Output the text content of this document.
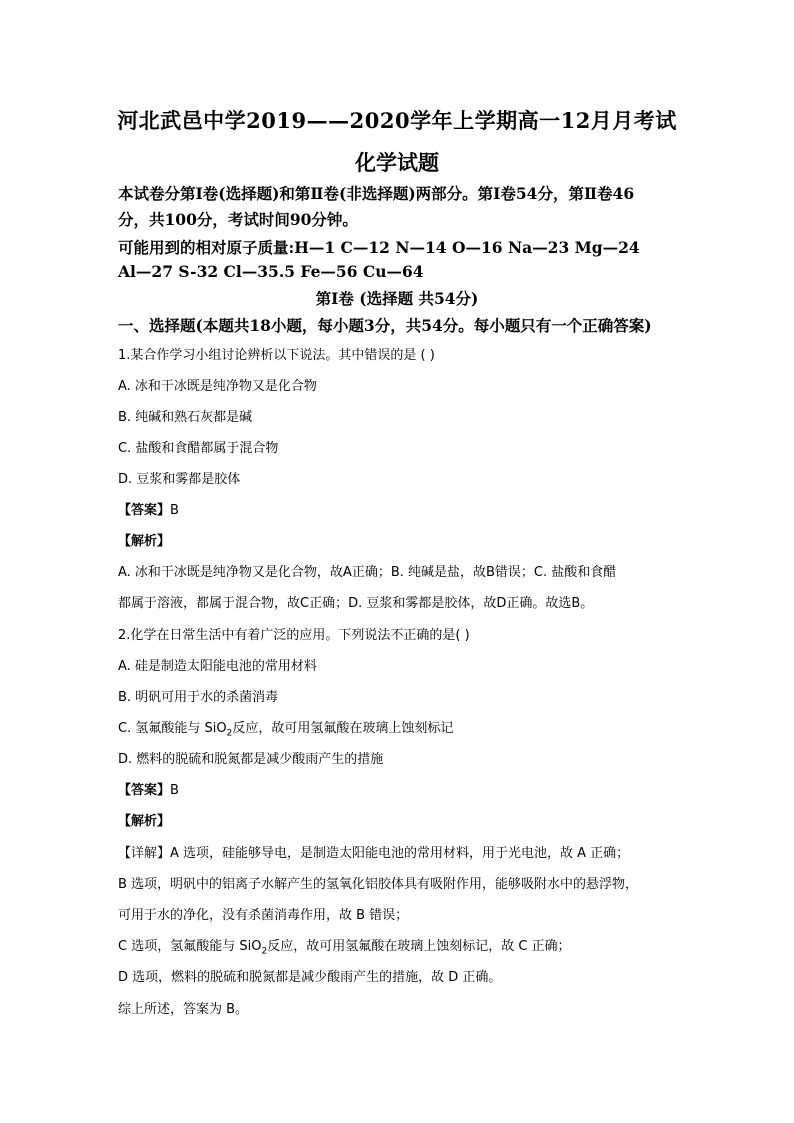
河北武邑中学2019——2020学年上学期高一12月月考试
化学试题
本试卷分第Ⅰ卷(选择题)和第Ⅱ卷(非选择题)两部分。第Ⅰ卷54分，第Ⅱ卷46
分，共100分，考试时间90分钟。
可能用到的相对原子质量:H—1 C—12 N—14 O—16 Na—23 Mg—24
Al—27 S-32 Cl—35.5 Fe—56 Cu—64
第Ⅰ卷 (选择题 共54分)
一、选择题(本题共18小题，每小题3分，共54分。每小题只有一个正确答案)
1.某合作学习小组讨论辨析以下说法。其中错误的是 ( )
A. 冰和干冰既是纯净物又是化合物
B. 纯碱和熟石灰都是碱
C. 盐酸和食醋都属于混合物
D. 豆浆和雾都是胶体
【答案】B
【解析】
A. 冰和干冰既是纯净物又是化合物，故A正确；B. 纯碱是盐，故B错误；C. 盐酸和食醋
都属于溶液，都属于混合物，故C正确；D. 豆浆和雾都是胶体，故D正确。故选B。
2.化学在日常生活中有着广泛的应用。下列说法不正确的是( )
A. 硅是制造太阳能电池的常用材料
B. 明矾可用于水的杀菌消毒
C. 氢氟酸能与 SiO$_2$反应，故可用氢氟酸在玻璃上蚀刻标记
D. 燃料的脱硫和脱氮都是减少酸雨产生的措施
【答案】B
【解析】
【详解】A 选项，硅能够导电，是制造太阳能电池的常用材料，用于光电池，故 A 正确；
B 选项，明矾中的铝离子水解产生的氢氧化铝胶体具有吸附作用，能够吸附水中的悬浮物，
可用于水的净化，没有杀菌消毒作用，故 B 错误；
C 选项，氢氟酸能与 SiO$_2$反应，故可用氢氟酸在玻璃上蚀刻标记，故 C 正确；
D 选项，燃料的脱硫和脱氮都是减少酸雨产生的措施，故 D 正确。
综上所述，答案为 B。
